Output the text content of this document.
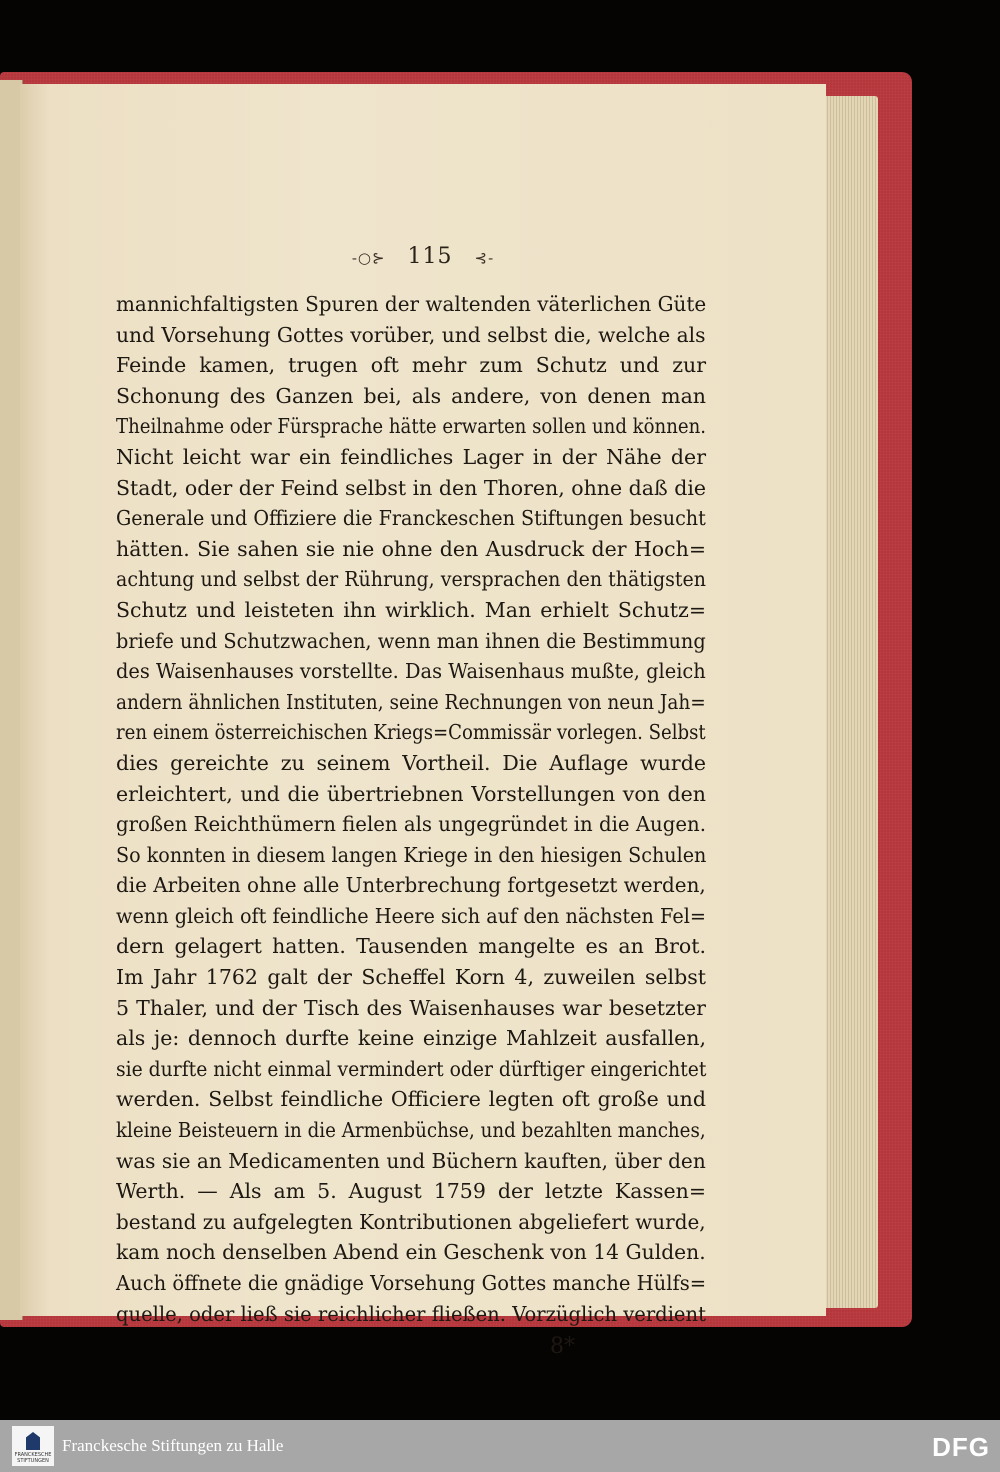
-○⊱ 115 ⊰-
mannichfaltigsten Spuren der waltenden väterlichen Güte
und Vorsehung Gottes vorüber, und selbst die, welche als
Feinde kamen, trugen oft mehr zum Schutz und zur
Schonung des Ganzen bei, als andere, von denen man
Theilnahme oder Fürsprache hätte erwarten sollen und können.
Nicht leicht war ein feindliches Lager in der Nähe der
Stadt, oder der Feind selbst in den Thoren, ohne daß die
Generale und Offiziere die Franckeschen Stiftungen besucht
hätten. Sie sahen sie nie ohne den Ausdruck der Hoch=
achtung und selbst der Rührung, versprachen den thätigsten
Schutz und leisteten ihn wirklich. Man erhielt Schutz=
briefe und Schutzwachen, wenn man ihnen die Bestimmung
des Waisenhauses vorstellte. Das Waisenhaus mußte, gleich
andern ähnlichen Instituten, seine Rechnungen von neun Jah=
ren einem österreichischen Kriegs=Commissär vorlegen. Selbst
dies gereichte zu seinem Vortheil. Die Auflage wurde
erleichtert, und die übertriebnen Vorstellungen von den
großen Reichthümern fielen als ungegründet in die Augen.
So konnten in diesem langen Kriege in den hiesigen Schulen
die Arbeiten ohne alle Unterbrechung fortgesetzt werden,
wenn gleich oft feindliche Heere sich auf den nächsten Fel=
dern gelagert hatten. Tausenden mangelte es an Brot.
Im Jahr 1762 galt der Scheffel Korn 4, zuweilen selbst
5 Thaler, und der Tisch des Waisenhauses war besetzter
als je: dennoch durfte keine einzige Mahlzeit ausfallen,
sie durfte nicht einmal vermindert oder dürftiger eingerichtet
werden. Selbst feindliche Officiere legten oft große und
kleine Beisteuern in die Armenbüchse, und bezahlten manches,
was sie an Medicamenten und Büchern kauften, über den
Werth. — Als am 5. August 1759 der letzte Kassen=
bestand zu aufgelegten Kontributionen abgeliefert wurde,
kam noch denselben Abend ein Geschenk von 14 Gulden.
Auch öffnete die gnädige Vorsehung Gottes manche Hülfs=
quelle, oder ließ sie reichlicher fließen. Vorzüglich verdient
8*
FRANCKESCHE STIFTUNGEN
Franckesche Stiftungen zu Halle	DFG
